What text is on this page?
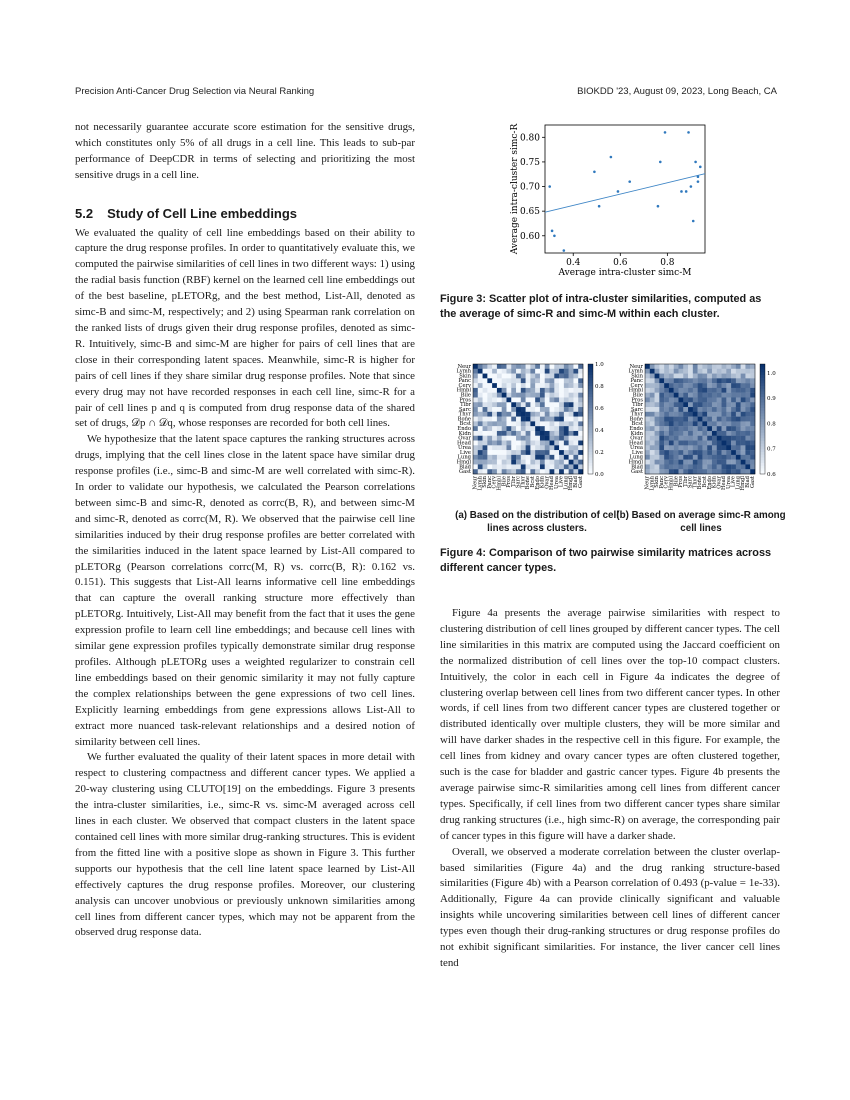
Precision Anti-Cancer Drug Selection via Neural Ranking	BIOKDD '23, August 09, 2023, Long Beach, CA

not necessarily guarantee accurate score estimation for the sensitive drugs, which constitutes only 5% of all drugs in a cell line. This leads to sub-par performance of DeepCDR in terms of selecting and prioritizing the most sensitive drugs in a cell line.

5.2 Study of Cell Line embeddings

We evaluated the quality of cell line embeddings based on their ability to capture the drug response profiles. In order to quantitatively evaluate this, we computed the pairwise similarities of cell lines in two different ways: 1) using the radial basis function (RBF) kernel on the learned cell line embeddings out of the best baseline, pLETORg, and the best method, List-All, denoted as simc-B and simc-M, respectively; and 2) using Spearman rank correlation on the ranked lists of drugs given their drug response profiles, denoted as simc-R. Intuitively, simc-B and simc-M are higher for pairs of cell lines that are close in their corresponding latent spaces. Meanwhile, simc-R is higher for pairs of cell lines if they share similar drug response profiles. Note that since every drug may not have recorded responses in each cell line, simc-R for a pair of cell lines p and q is computed from drug response data of the shared set of drugs, 𝒟p ∩ 𝒟q, whose responses are recorded for both cell lines.

We hypothesize that the latent space captures the ranking structures across drugs, implying that the cell lines close in the latent space have similar drug response profiles (i.e., simc-B and simc-M are well correlated with simc-R). In order to validate our hypothesis, we calculated the Pearson correlations between simc-B and simc-R, denoted as corrc(B, R), and between simc-M and simc-R, denoted as corrc(M, R). We observed that the pairwise cell line similarities induced by their drug response profiles are better correlated with the similarities induced in the latent space learned by List-All compared to pLETORg (Pearson correlations corrc(M, R) vs. corrc(B, R): 0.162 vs. 0.151). This suggests that List-All learns informative cell line embeddings that can capture the overall ranking structure more effectively than pLETORg. Intuitively, List-All may benefit from the fact that it uses the gene expression profile to learn cell line embeddings; and because cell lines with similar gene expression profiles typically demonstrate similar drug response profiles. Although pLETORg uses a weighted regularizer to constrain cell line embeddings based on their genomic similarity it may not fully capture the complex relationships between the gene expressions of two cell lines. Explicitly learning embeddings from gene expressions allows List-All to extract more nuanced task-relevant relationships and a desired notion of similarity between cell lines.

We further evaluated the quality of their latent spaces in more detail with respect to clustering compactness and different cancer types. We applied a 20-way clustering using CLUTO[19] on the embeddings. Figure 3 presents the intra-cluster similarities, i.e., simc-R vs. simc-M averaged across cell lines in each cluster. We observed that compact clusters in the latent space contained cell lines with more similar drug-ranking structures. This is evident from the fitted line with a positive slope as shown in Figure 3. This further supports our hypothesis that the cell line latent space learned by List-All effectively captures the drug response profiles. Moreover, our clustering analysis can uncover unobvious or previously unknown similarities among cell lines from different cancer types, which may not be apparent from the observed drug response data.

0.4	0.6	0.8
0.60
0.65
0.70
0.75
0.80
Average intra-cluster simc-M
Average intra-cluster simc-R
Figure 3: Scatter plot of intra-cluster similarities, computed as the average of simc-R and simc-M within each cluster.
Neur
Neur
Lymh
Lymh
Skin
Skin
Panc
Panc
Cerv
Cerv
Hmbl
Hmbl
Bile
Bile
Pros
Pros
Tlbr
Tlbr
Sarc
Sarc
Thyr
Thyr
Bone
Bone
Bcst
Bcst
Endo
Endo
Kidn
Kidn
Ovar
Ovar
Head
Head
Urea
Urea
Live
Live
Lung
Lung
Hmgl
Hmgl
Blad
Blad
Gast
Gast
0.0
0.2
0.4
0.6
0.8
1.0	Neur
Neur
Lymh
Lymh
Skin
Skin
Panc
Panc
Cerv
Cerv
Hmbl
Hmbl
Bile
Bile
Pros
Pros
Tlbr
Tlbr
Sarc
Sarc
Thyr
Thyr
Bone
Bone
Bcst
Bcst
Endo
Endo
Kidn
Kidn
Ovar
Ovar
Head
Head
Urea
Urea
Live
Live
Lung
Lung
Hmgl
Hmgl
Blad
Blad
Gast
Gast
0.6
0.7
0.8
0.9
1.0
(a) Based on the distribution of cell lines across clusters.
(b) Based on average simc-R among cell lines
Figure 4: Comparison of two pairwise similarity matrices across different cancer types.

Figure 4a presents the average pairwise similarities with respect to clustering distribution of cell lines grouped by different cancer types. The cell line similarities in this matrix are computed using the Jaccard coefficient on the normalized distribution of cell lines over the top-10 compact clusters. Intuitively, the color in each cell in Figure 4a indicates the degree of clustering overlap between cell lines from two different cancer types. In other words, if cell lines from two different cancer types are clustered together or distributed identically over multiple clusters, they will be more similar and will have darker shades in the respective cell in this figure. For example, the cell lines from kidney and ovary cancer types are often clustered together, such is the case for bladder and gastric cancer types. Figure 4b presents the average pairwise simc-R similarities among cell lines from different cancer types. Specifically, if cell lines from two different cancer types share similar drug ranking structures (i.e., high simc-R) on average, the corresponding pair of cancer types in this figure will have a darker shade.

Overall, we observed a moderate correlation between the cluster overlap-based similarities (Figure 4a) and the drug ranking structure-based similarities (Figure 4b) with a Pearson correlation of 0.493 (p-value = 1e-33). Additionally, Figure 4a can provide clinically significant and valuable insights while uncovering similarities between cell lines of different cancer types even though their drug-ranking structures or drug response profiles do not exhibit significant similarities. For instance, the liver cancer cell lines tend
